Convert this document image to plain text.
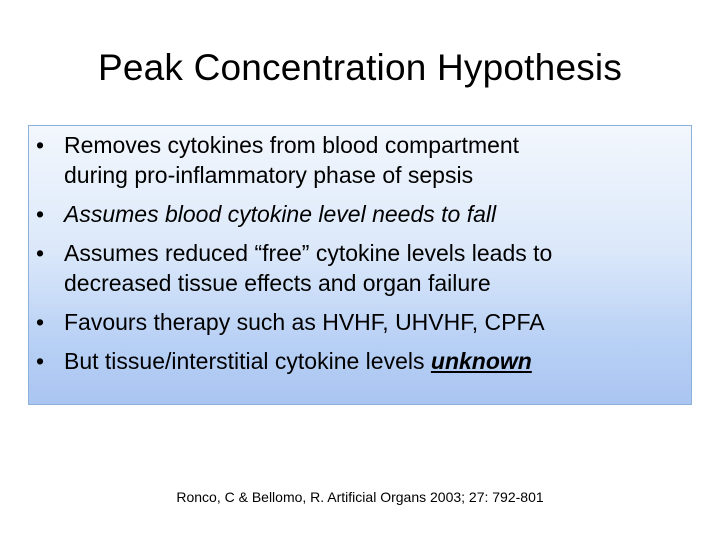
Peak Concentration Hypothesis
• Removes cytokines from blood compartment
during pro-inflammatory phase of sepsis
• Assumes blood cytokine level needs to fall
• Assumes reduced “free” cytokine levels leads to
decreased tissue effects and organ failure
• Favours therapy such as HVHF, UHVHF, CPFA
• But tissue/interstitial cytokine levels unknown
Ronco, C & Bellomo, R. Artificial Organs 2003; 27: 792-801
